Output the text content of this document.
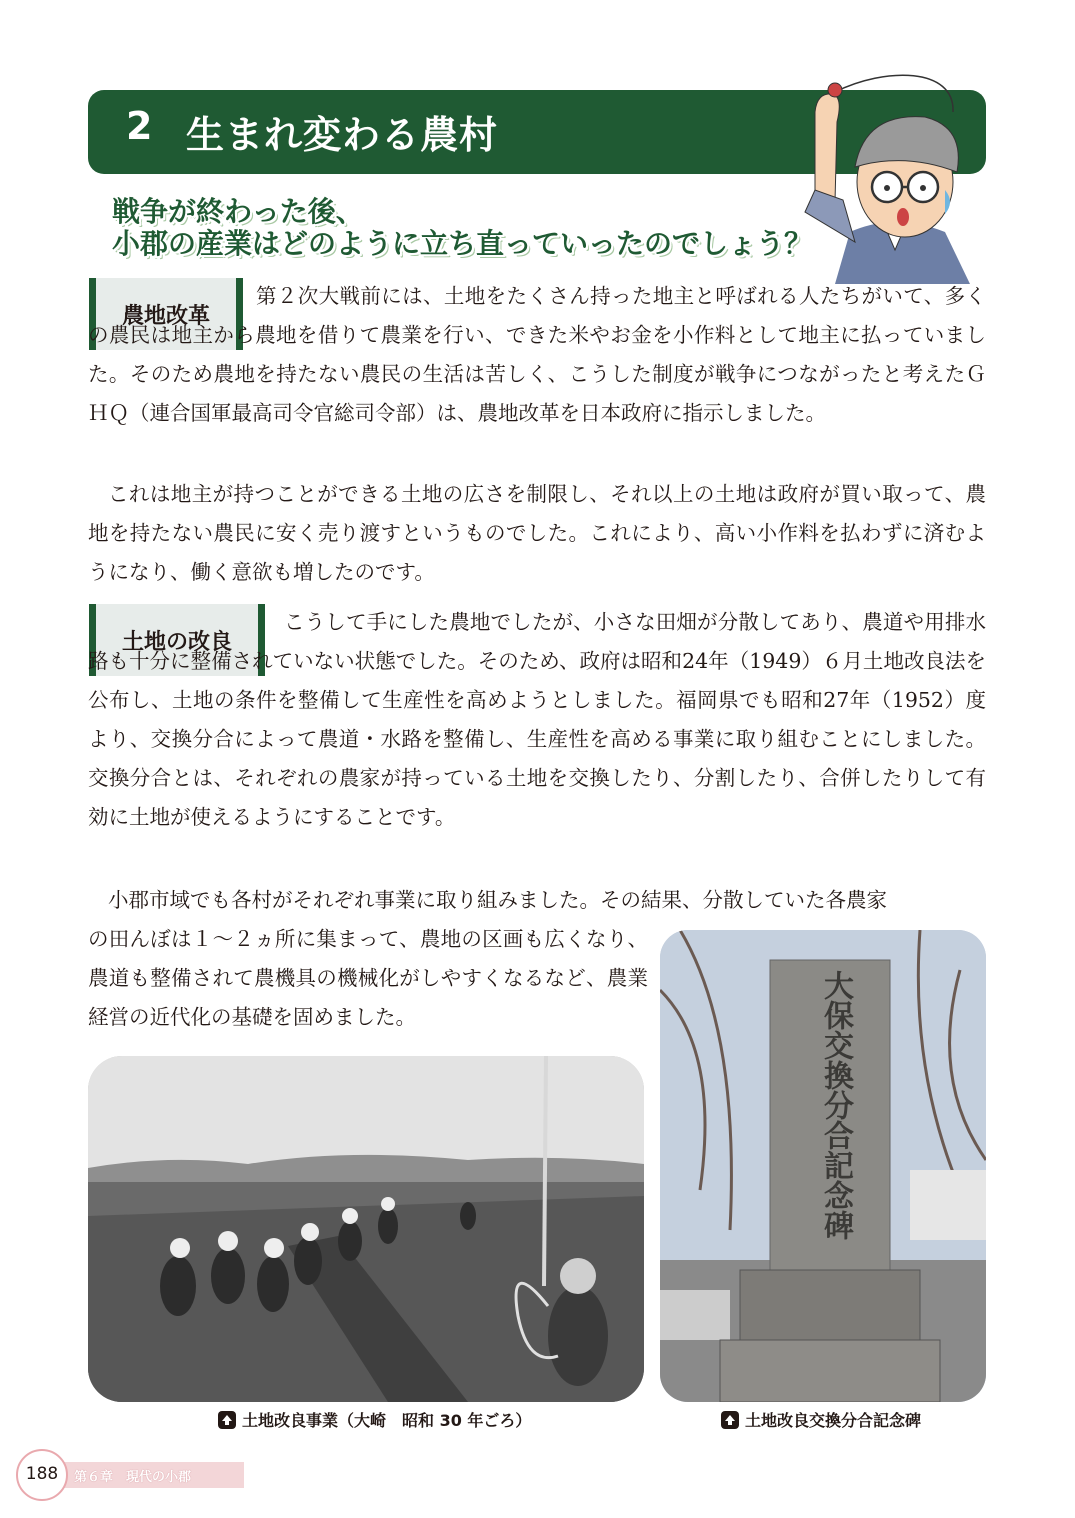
2 生まれ変わる農村
戦争が終わった後、
小郡の産業はどのように立ち直っていったのでしょう？
農地改革
第２次大戦前には、土地をたくさん持った地主と呼ばれる人たちがいて、多くの農民は地主から農地を借りて農業を行い、できた米やお金を小作料として地主に払っていました。そのため農地を持たない農民の生活は苦しく、こうした制度が戦争につながったと考えたＧＨＱ（連合国軍最高司令官総司令部）は、農地改革を日本政府に指示しました。
これは地主が持つことができる土地の広さを制限し、それ以上の土地は政府が買い取って、農地を持たない農民に安く売り渡すというものでした。これにより、高い小作料を払わずに済むようになり、働く意欲も増したのです。
土地の改良
こうして手にした農地でしたが、小さな田畑が分散してあり、農道や用排水路も十分に整備されていない状態でした。そのため、政府は昭和24年（1949）６月土地改良法を公布し、土地の条件を整備して生産性を高めようとしました。福岡県でも昭和27年（1952）度より、交換分合によって農道・水路を整備し、生産性を高める事業に取り組むことにしました。交換分合とは、それぞれの農家が持っている土地を交換したり、分割したり、合併したりして有効に土地が使えるようにすることです。
小郡市域でも各村がそれぞれ事業に取り組みました。その結果、分散していた各農家
の田んぼは１～２ヵ所に集まって、農地の区画も広くなり、農道も整備されて農機具の機械化がしやすくなるなど、農業経営の近代化の基礎を固めました。
土地改良事業（大崎　昭和 30 年ごろ）
大保交換分合記念碑
土地改良交換分合記念碑
188	第６章　現代の小郡
